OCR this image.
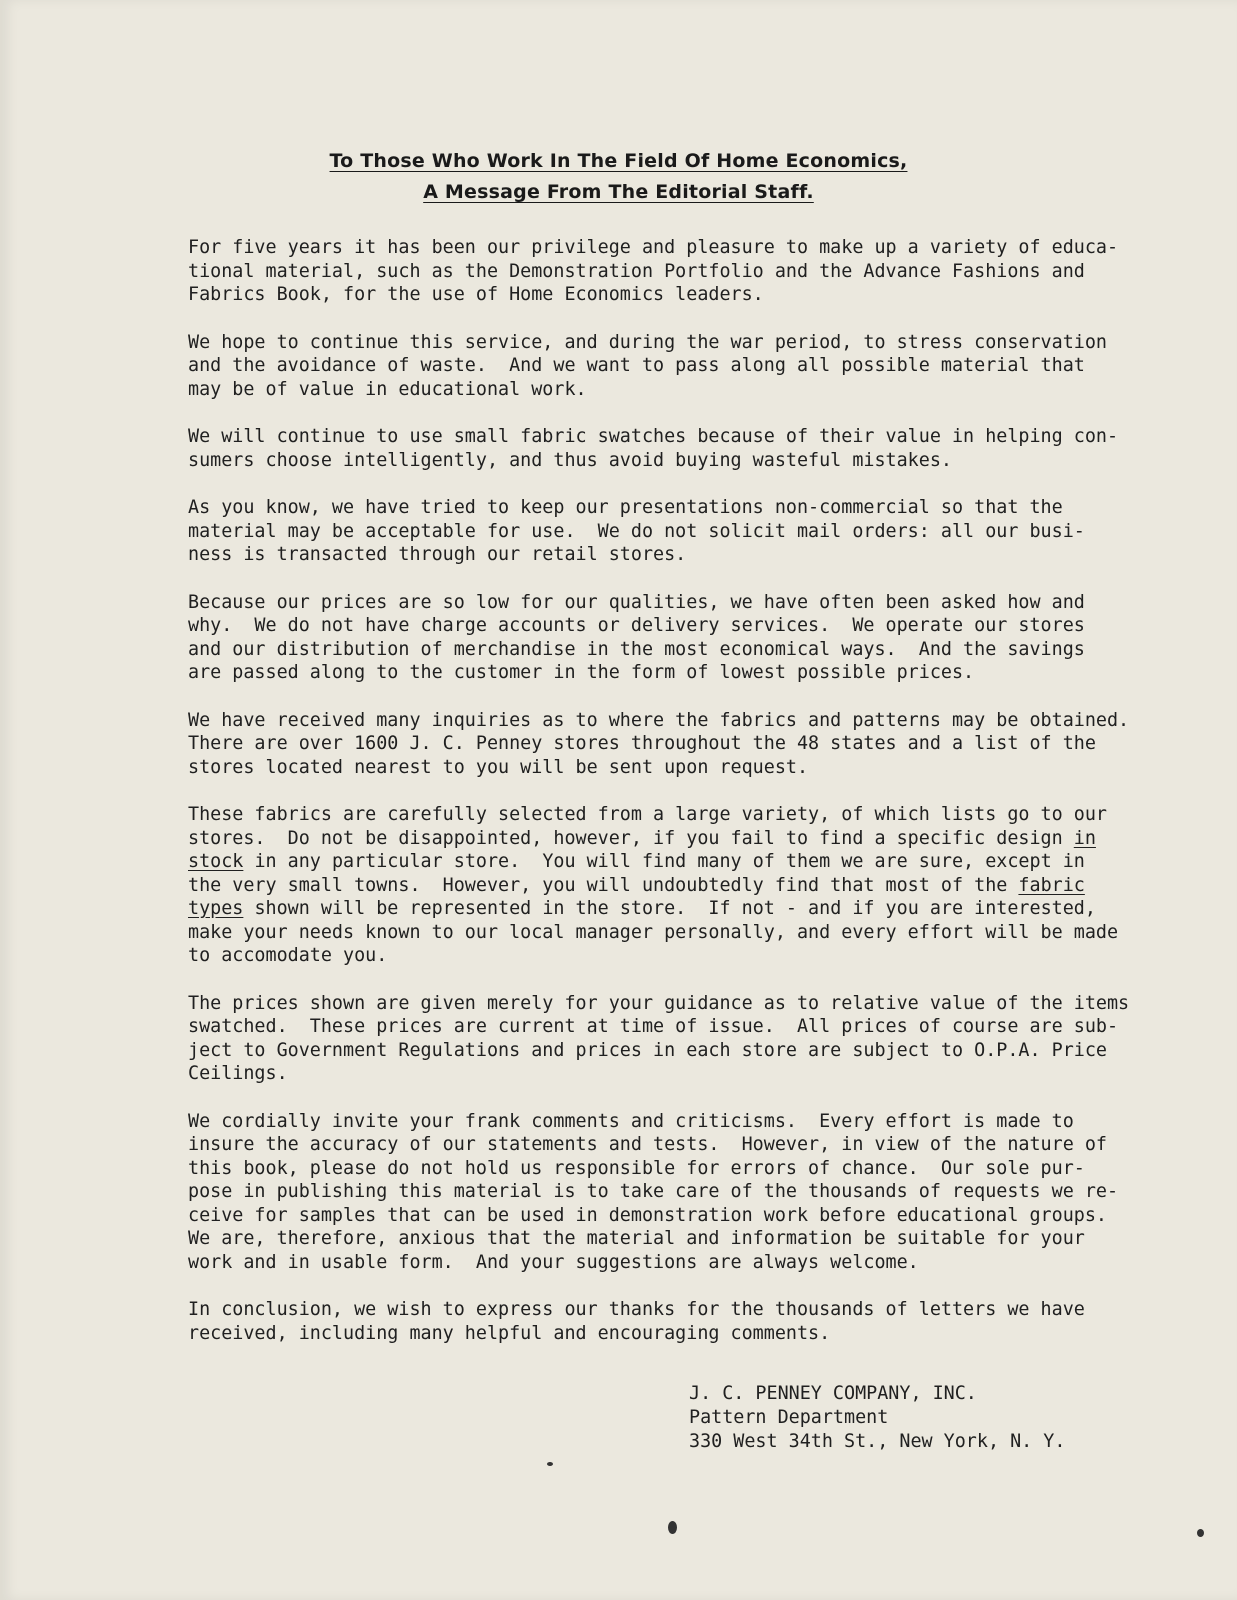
To Those Who Work In The Field Of Home Economics,
A Message From The Editorial Staff.

For five years it has been our privilege and pleasure to make up a variety of educa-
tional material, such as the Demonstration Portfolio and the Advance Fashions and
Fabrics Book, for the use of Home Economics leaders.

We hope to continue this service, and during the war period, to stress conservation
and the avoidance of waste.  And we want to pass along all possible material that
may be of value in educational work.

We will continue to use small fabric swatches because of their value in helping con-
sumers choose intelligently, and thus avoid buying wasteful mistakes.

As you know, we have tried to keep our presentations non-commercial so that the
material may be acceptable for use.  We do not solicit mail orders: all our busi-
ness is transacted through our retail stores.

Because our prices are so low for our qualities, we have often been asked how and
why.  We do not have charge accounts or delivery services.  We operate our stores
and our distribution of merchandise in the most economical ways.  And the savings
are passed along to the customer in the form of lowest possible prices.

We have received many inquiries as to where the fabrics and patterns may be obtained.
There are over 1600 J. C. Penney stores throughout the 48 states and a list of the
stores located nearest to you will be sent upon request.

These fabrics are carefully selected from a large variety, of which lists go to our
stores.  Do not be disappointed, however, if you fail to find a specific design in
stock in any particular store.  You will find many of them we are sure, except in
the very small towns.  However, you will undoubtedly find that most of the fabric
types shown will be represented in the store.  If not - and if you are interested,
make your needs known to our local manager personally, and every effort will be made
to accomodate you.

The prices shown are given merely for your guidance as to relative value of the items
swatched.  These prices are current at time of issue.  All prices of course are sub-
ject to Government Regulations and prices in each store are subject to O.P.A. Price
Ceilings.

We cordially invite your frank comments and criticisms.  Every effort is made to
insure the accuracy of our statements and tests.  However, in view of the nature of
this book, please do not hold us responsible for errors of chance.  Our sole pur-
pose in publishing this material is to take care of the thousands of requests we re-
ceive for samples that can be used in demonstration work before educational groups.
We are, therefore, anxious that the material and information be suitable for your
work and in usable form.  And your suggestions are always welcome.

In conclusion, we wish to express our thanks for the thousands of letters we have
received, including many helpful and encouraging comments.

J. C. PENNEY COMPANY, INC.
Pattern Department
330 West 34th St., New York, N. Y.
